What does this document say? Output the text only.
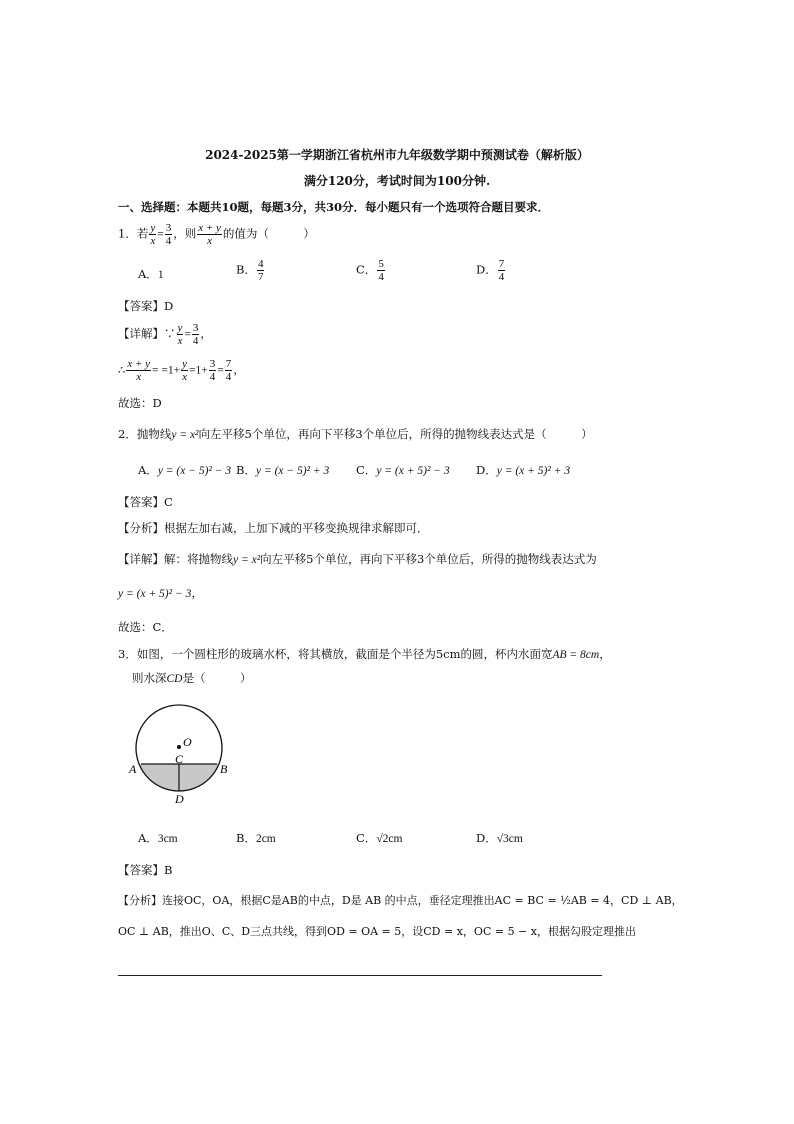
2024-2025第一学期浙江省杭州市九年级数学期中预测试卷（解析版）
满分120分，考试时间为100分钟.
一、选择题：本题共10题，每题3分，共30分．每小题只有一个选项符合题目要求．
1．若 $\frac{y}{x} = \frac{3}{4}$ ，则 $\frac{x + y}{x}$ 的值为（　　　）
A．1	B． $\frac{4}{7}$	C． $\frac{5}{4}$	D． $\frac{7}{4}$
【答案】D
【详解】∵ $\frac{y}{x} = \frac{3}{4}$ ，
∴ $\frac{x + y}{x} = =1+ \frac{y}{x} =1+ \frac{3}{4} = \frac{7}{4}$ ，
故选：D
2．抛物线y = x²向左平移5个单位，再向下平移3个单位后，所得的抛物线表达式是（　　　）
A．y = (x − 5)² − 3 B．y = (x − 5)² + 3 C．y = (x + 5)² − 3 D．y = (x + 5)² + 3
【答案】C
【分析】根据左加右减，上加下减的平移变换规律求解即可．
【详解】解：将抛物线y = x²向左平移5个单位，再向下平移3个单位后，所得的抛物线表达式为
y = (x + 5)² − 3，
故选：C．
3．如图，一个圆柱形的玻璃水杯，将其横放，截面是个半径为5cm的圆，杯内水面宽AB = 8cm，
则水深CD是（　　　）
O
C
A	B
D
A．3cm	B．2cm	C．√2cm	D．√3cm
【答案】B
【分析】连接OC，OA，根据C是AB的中点，D是 AB 的中点，垂径定理推出AC = BC = ½AB = 4，CD ⊥ AB，
OC ⊥ AB，推出O、C、D三点共线，得到OD = OA = 5，设CD = x，OC = 5 − x，根据勾股定理推出
